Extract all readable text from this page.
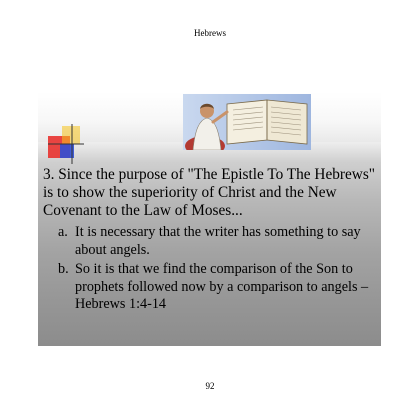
Hebrews

3. Since the purpose of "The Epistle To The Hebrews" is to show the superiority of Christ and the New Covenant to the Law of Moses...

a. It is necessary that the writer has something to say about angels.
b. So it is that we find the comparison of the Son to prophets followed now by a comparison to angels –Hebrews 1:4-14
92
